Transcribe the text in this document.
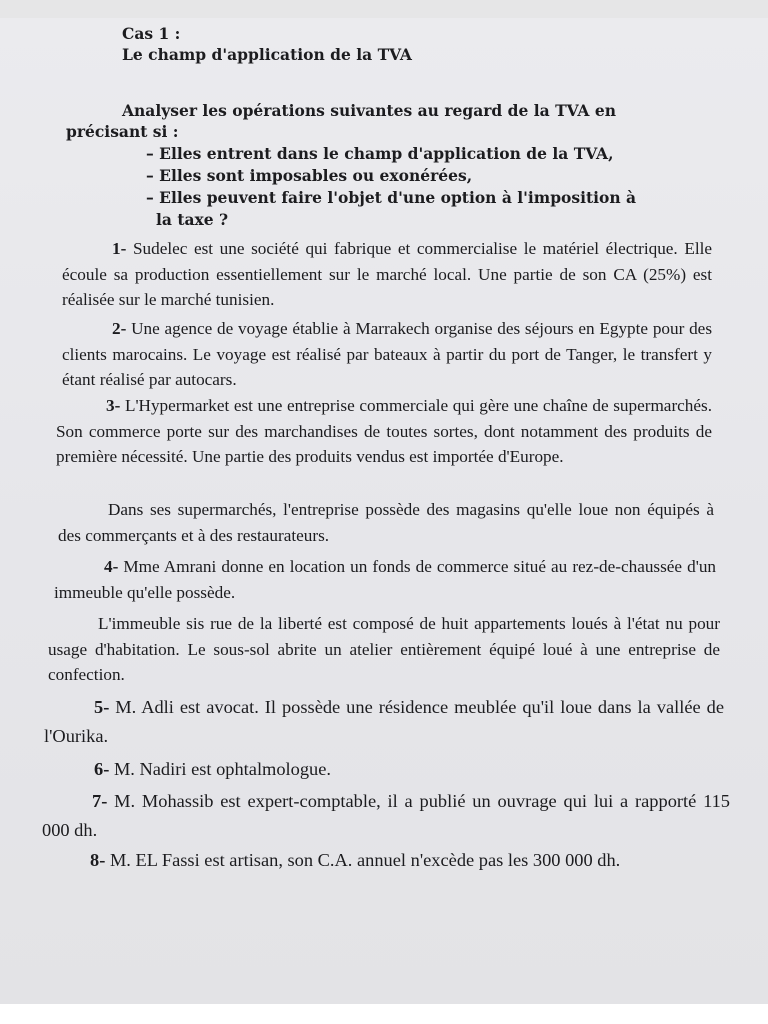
Cas 1 :
Le champ d'application de la TVA
Analyser les opérations suivantes au regard de la TVA en
précisant si :
– Elles entrent dans le champ d'application de la TVA,
– Elles sont imposables ou exonérées,
– Elles peuvent faire l'objet d'une option à l'imposition à
la taxe ?
1- Sudelec est une société qui fabrique et commercialise le matériel électrique. Elle écoule sa production essentiellement sur le marché local. Une partie de son CA (25%) est réalisée sur le marché tunisien.
2- Une agence de voyage établie à Marrakech organise des séjours en Egypte pour des clients marocains. Le voyage est réalisé par bateaux à partir du port de Tanger, le transfert y étant réalisé par autocars.
3- L'Hypermarket est une entreprise commerciale qui gère une chaîne de supermarchés. Son commerce porte sur des marchandises de toutes sortes, dont notamment des produits de première nécessité. Une partie des produits vendus est importée d'Europe.
Dans ses supermarchés, l'entreprise possède des magasins qu'elle loue non équipés à des commerçants et à des restaurateurs.
4- Mme Amrani donne en location un fonds de commerce situé au rez-de-chaussée d'un immeuble qu'elle possède.
L'immeuble sis rue de la liberté est composé de huit appartements loués à l'état nu pour usage d'habitation. Le sous-sol abrite un atelier entièrement équipé loué à une entreprise de confection.
5- M. Adli est avocat. Il possède une résidence meublée qu'il loue dans la vallée de l'Ourika.
6- M. Nadiri est ophtalmologue.
7- M. Mohassib est expert-comptable, il a publié un ouvrage qui lui a rapporté 115 000 dh.
8- M. EL Fassi est artisan, son C.A. annuel n'excède pas les 300 000 dh.
